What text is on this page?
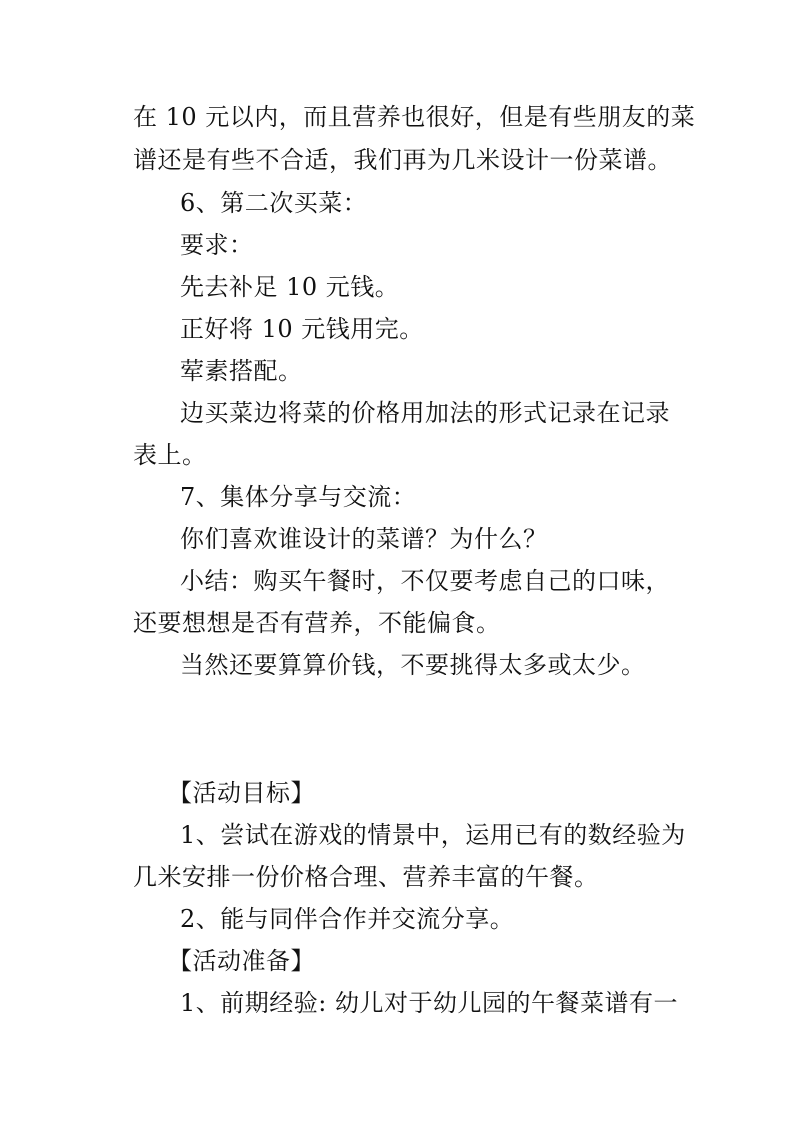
在 10 元以内，而且营养也很好，但是有些朋友的菜
谱还是有些不合适，我们再为几米设计一份菜谱。
6、第二次买菜：
要求：
先去补足 10 元钱。
正好将 10 元钱用完。
荤素搭配。
边买菜边将菜的价格用加法的形式记录在记录
表上。
7、集体分享与交流：
你们喜欢谁设计的菜谱？为什么？
小结：购买午餐时，不仅要考虑自己的口味，
还要想想是否有营养，不能偏食。
当然还要算算价钱，不要挑得太多或太少。
【活动目标】
1、尝试在游戏的情景中，运用已有的数经验为
几米安排一份价格合理、营养丰富的午餐。
2、能与同伴合作并交流分享。
【活动准备】
1、前期经验: 幼儿对于幼儿园的午餐菜谱有一
